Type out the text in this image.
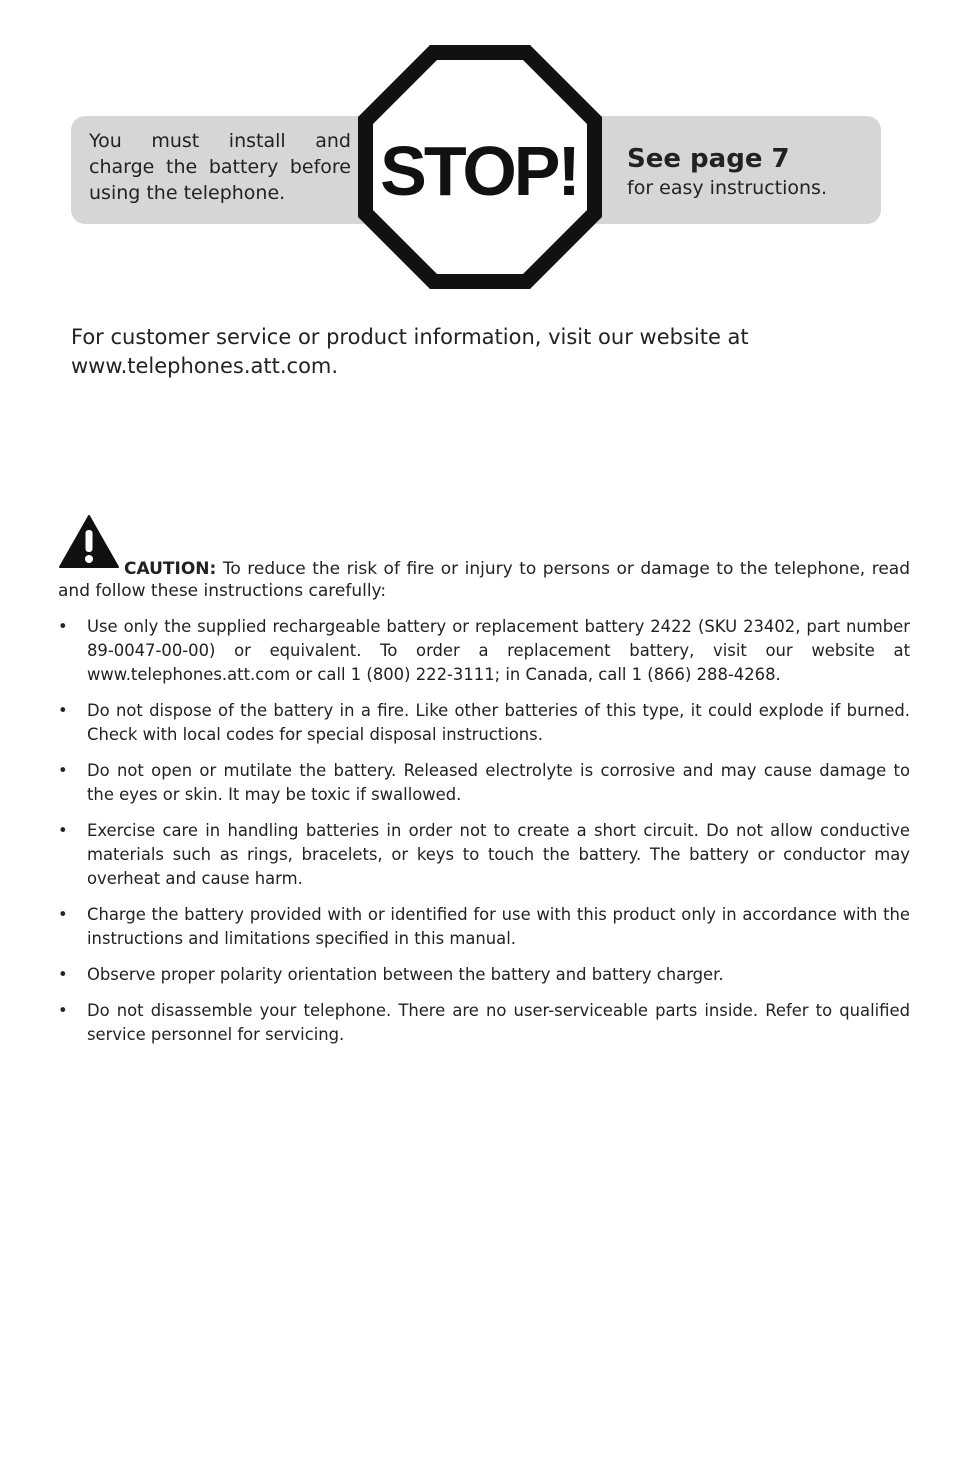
You must install and charge the battery before using the telephone.	STOP! See page 7
for easy instructions.
For customer service or product information, visit our website at www.telephones.att.com.
CAUTION: To reduce the risk of fire or injury to persons or damage to the telephone, read and follow these instructions carefully:
• Use only the supplied rechargeable battery or replacement battery 2422 (SKU 23402, part number 89-0047-00-00) or equivalent. To order a replacement battery, visit our website at www.telephones.att.com or call 1 (800) 222-3111; in Canada, call 1 (866) 288-4268.
• Do not dispose of the battery in a fire. Like other batteries of this type, it could explode if burned. Check with local codes for special disposal instructions.
• Do not open or mutilate the battery. Released electrolyte is corrosive and may cause damage to the eyes or skin. It may be toxic if swallowed.
• Exercise care in handling batteries in order not to create a short circuit. Do not allow conductive materials such as rings, bracelets, or keys to touch the battery. The battery or conductor may overheat and cause harm.
• Charge the battery provided with or identified for use with this product only in accordance with the instructions and limitations specified in this manual.
• Observe proper polarity orientation between the battery and battery charger.
• Do not disassemble your telephone. There are no user-serviceable parts inside. Refer to qualified service personnel for servicing.
